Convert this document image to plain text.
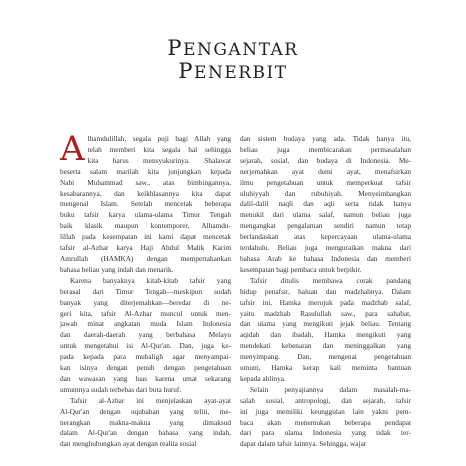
PENGANTAR
PENERBIT
A lhamdulillah, segala puji bagi Allah yang
telah memberi kita segala hal sehingga
kita harus mensyukurinya. Shalawat
beserta salam marilah kita junjungkan kepada
Nabi Muhammad saw., atas bimbingannya,
kesabarannya, dan keikhlasannya kita dapat
mengenal Islam. Setelah mencetak beberapa
buku tafsir karya ulama-ulama Timur Tengah
baik klasik maupun kontemporer, Alhamdu-
lillah pada kesempatan ini kami dapat mencetak
tafsir al-Azhar karya Haji Abdul Malik Karim
Amrullah (HAMKA) dengan mempertahankan
bahasa beliau yang indah dan menarik.
Karena banyaknya kitab-kitab tafsir yang
berasal dari Timur Tengah—meskipun sudah
banyak yang diterjemahkan—beredar di ne-
geri kita, tafsir Al-Azhar muncul untuk men-
jawab minat angkatan muda Islam Indonesia
dan daerah-daerah yang berbahasa Melayu
untuk mengetahui isi Al-Qur'an. Dan, juga ke-
pada kepada para mubaligh agar menyampai-
kan isinya dengan penuh dengan pengetahuan
dan wawasan yang luas karena umat sekarang
umumnya sudah terbebas dari buta huruf.
Tafsir al-Azhar ini menjelaskan ayat-ayat
Al-Qur'an dengan uqubahan yang teliti, me-
nerangkan makna-makna yang dimaksud
dalam Al-Qur'an dengan bahasa yang indah,
dan menghubungkan ayat dengan realita sosial
dan sistem budaya yang ada. Tidak hanya itu,
beliau juga membicarakan permasalahan
sejarah, sosial, dan budaya di Indonesia. Me-
nerjemahkan ayat demi ayat, menafsirkan
ilmu pengetahuan untuk memperkuat tafsir
uluhiyyah dan rubuhiyah. Menyeimbangkan
dalil-dalil naqli dan aqli serta tidak hanya
menukil dari ulama salaf, namun beliau juga
mengangkat pengalaman sendiri namun tetap
berlandaskan atas kepercayaan ulama-ulama
terdahulu. Beliau juga menguraikan makna dari
bahasa Arab ke bahasa Indonesia dan memberi
kesempatan bagi pembaca untuk berpikir.
Tafsir ditulis membawa corak pandang
hidup penafsir, haluan dan madzhabnya. Dalam
tafsir ini, Hamka merujuk pada madzhab salaf,
yaitu madzhab Rasulullah saw., para sahabat,
dan ulama yang mengikuti jejak beliau. Tentang
aqidah dan ibadah, Hamka mengikuti yang
mendekati kebenaran dan meninggalkan yang
menyimpang. Dan, mengenai pengetahuan
umum, Hamka kerap kali meminta bantuan
kepada ahlinya.
Selain penyajiannya dalam masalah-ma-
salah sosial, antropologi, dan sejarah, tafsir
ini juga memiliki keunggulan lain yakni pem-
baca akan menemukan beberapa pendapat
dari para ulama Indonesia yang tidak ter-
dapat dalam tafsir lainnya. Sehingga, wajar
